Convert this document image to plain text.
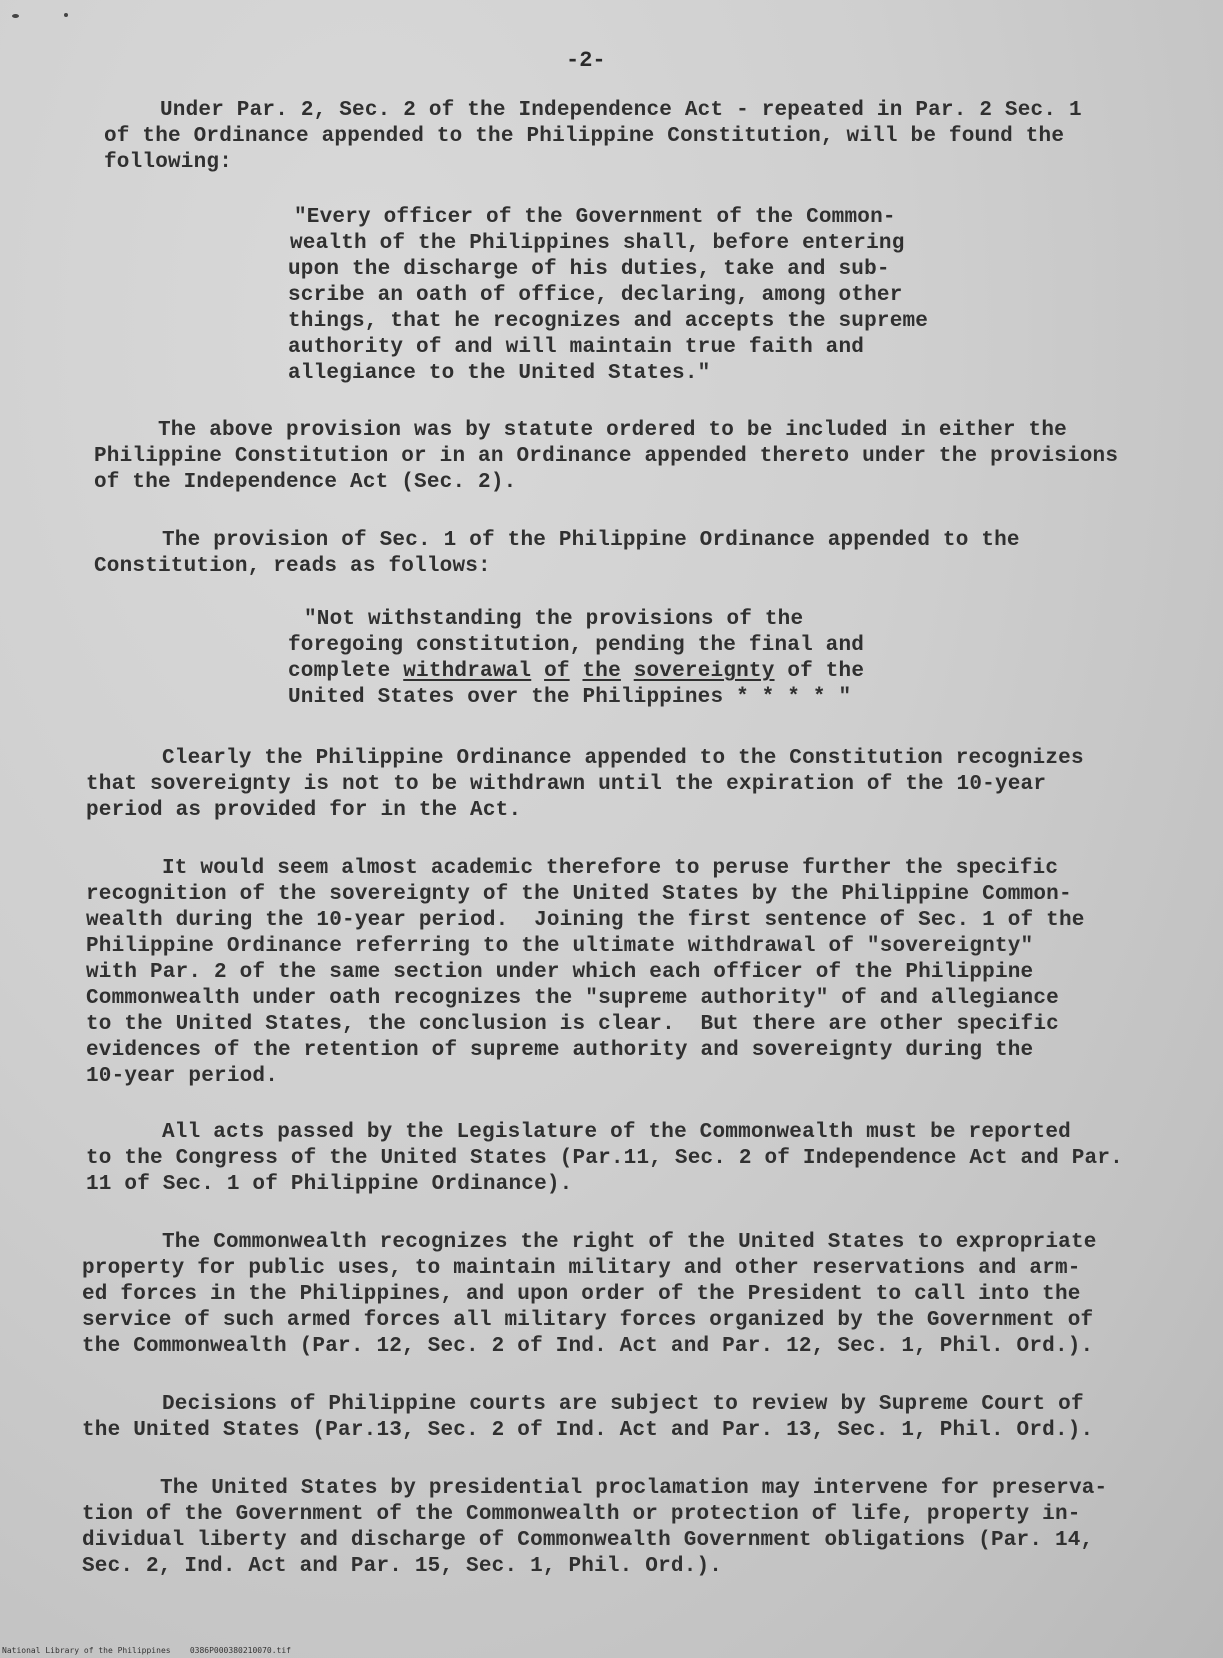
-2-
Under Par. 2, Sec. 2 of the Independence Act - repeated in Par. 2 Sec. 1
of the Ordinance appended to the Philippine Constitution, will be found the
following:
"Every officer of the Government of the Common-
wealth of the Philippines shall, before entering
upon the discharge of his duties, take and sub-
scribe an oath of office, declaring, among other
things, that he recognizes and accepts the supreme
authority of and will maintain true faith and
allegiance to the United States."
The above provision was by statute ordered to be included in either the
Philippine Constitution or in an Ordinance appended thereto under the provisions
of the Independence Act (Sec. 2).
The provision of Sec. 1 of the Philippine Ordinance appended to the
Constitution, reads as follows:
"Not withstanding the provisions of the
foregoing constitution, pending the final and
complete withdrawal of the sovereignty of the
United States over the Philippines * * * * "
Clearly the Philippine Ordinance appended to the Constitution recognizes
that sovereignty is not to be withdrawn until the expiration of the 10-year
period as provided for in the Act.
It would seem almost academic therefore to peruse further the specific
recognition of the sovereignty of the United States by the Philippine Common-
wealth during the 10-year period.  Joining the first sentence of Sec. 1 of the
Philippine Ordinance referring to the ultimate withdrawal of "sovereignty"
with Par. 2 of the same section under which each officer of the Philippine
Commonwealth under oath recognizes the "supreme authority" of and allegiance
to the United States, the conclusion is clear.  But there are other specific
evidences of the retention of supreme authority and sovereignty during the
10-year period.
All acts passed by the Legislature of the Commonwealth must be reported
to the Congress of the United States (Par.11, Sec. 2 of Independence Act and Par.
11 of Sec. 1 of Philippine Ordinance).
The Commonwealth recognizes the right of the United States to expropriate
property for public uses, to maintain military and other reservations and arm-
ed forces in the Philippines, and upon order of the President to call into the
service of such armed forces all military forces organized by the Government of
the Commonwealth (Par. 12, Sec. 2 of Ind. Act and Par. 12, Sec. 1, Phil. Ord.).
Decisions of Philippine courts are subject to review by Supreme Court of
the United States (Par.13, Sec. 2 of Ind. Act and Par. 13, Sec. 1, Phil. Ord.).
The United States by presidential proclamation may intervene for preserva-
tion of the Government of the Commonwealth or protection of life, property in-
dividual liberty and discharge of Commonwealth Government obligations (Par. 14,
Sec. 2, Ind. Act and Par. 15, Sec. 1, Phil. Ord.).
National Library of the Philippines 0386P000380210070.tif
